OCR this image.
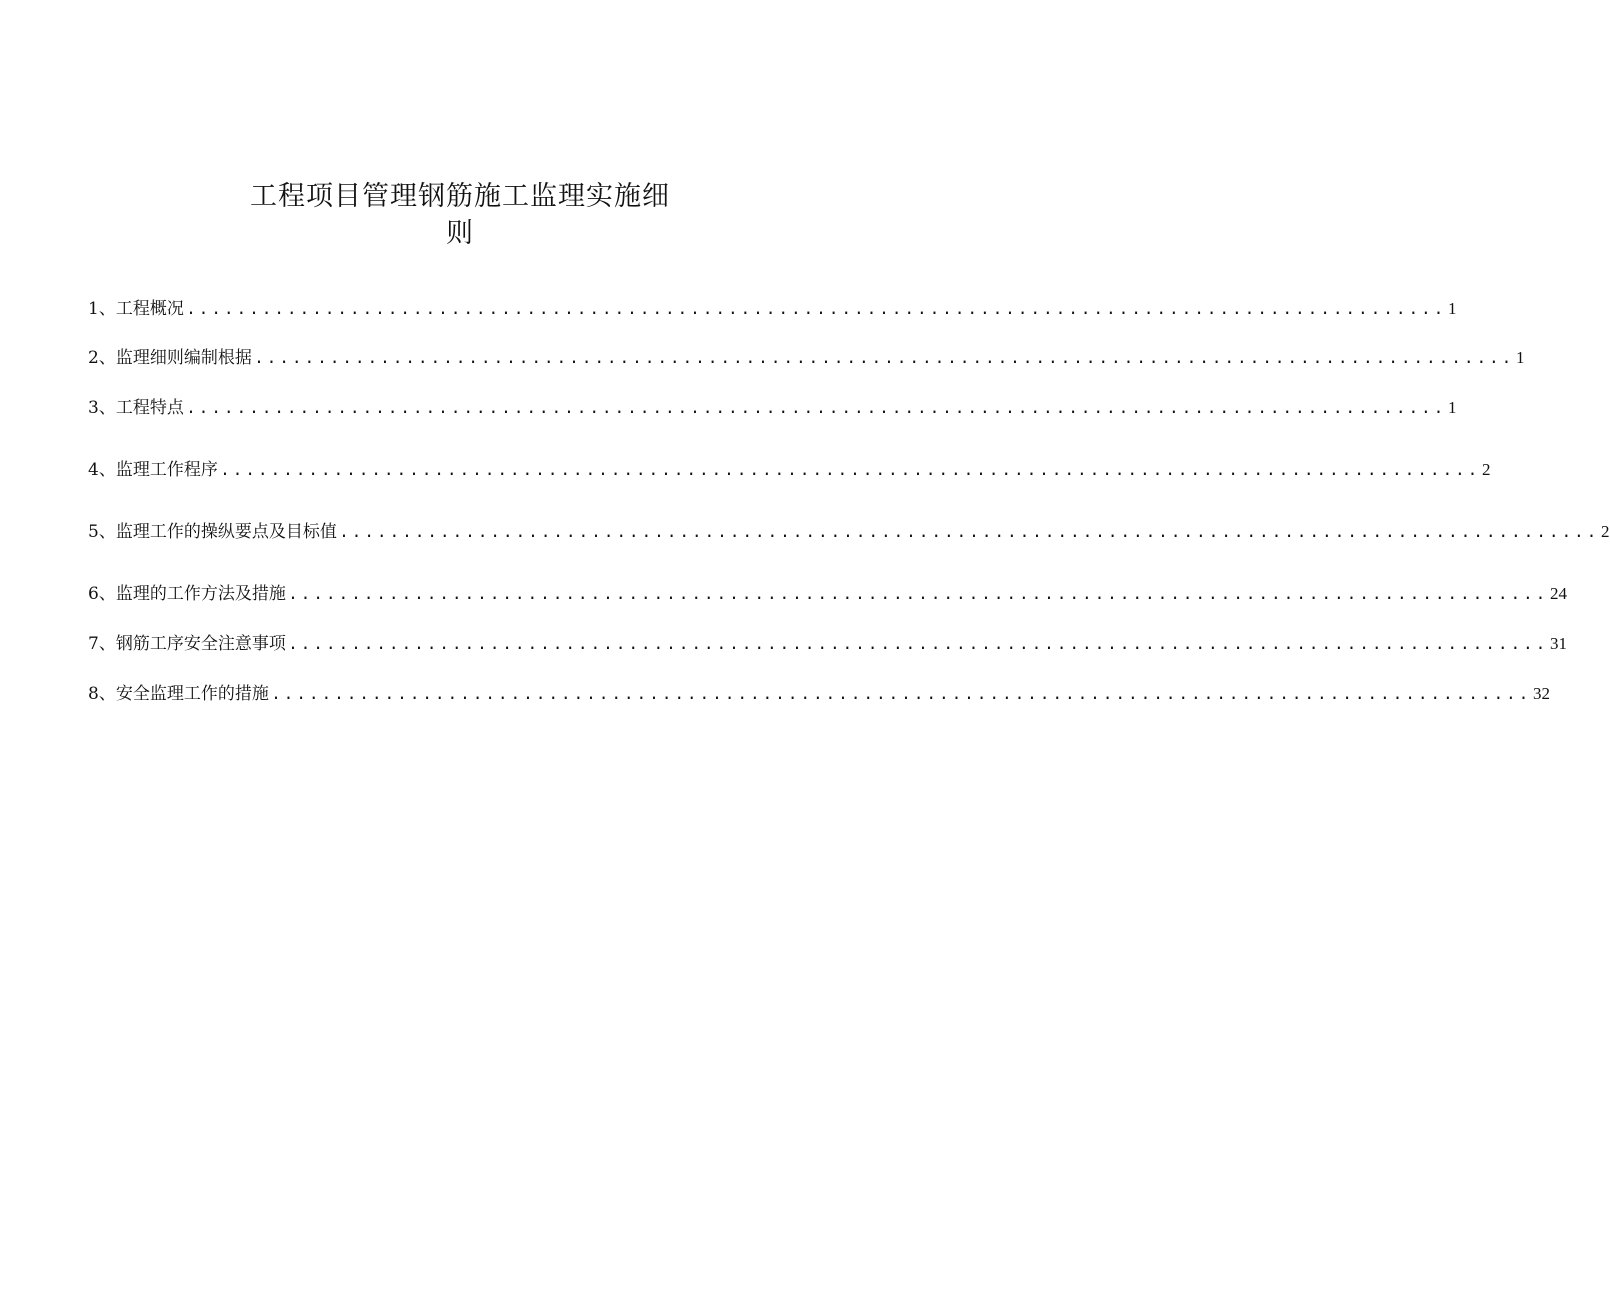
工程项目管理钢筋施工监理实施细
则
1、工程概况 .................................................................................................... 1
2、监理细则编制根据 .................................................................................................... 1
3、工程特点 .................................................................................................... 1
4、监理工作程序 .................................................................................................... 2
5、监理工作的操纵要点及目标值 .................................................................................................... 2
6、监理的工作方法及措施 .................................................................................................... 24
7、钢筋工序安全注意事项 .................................................................................................... 31
8、安全监理工作的措施 .................................................................................................... 32
